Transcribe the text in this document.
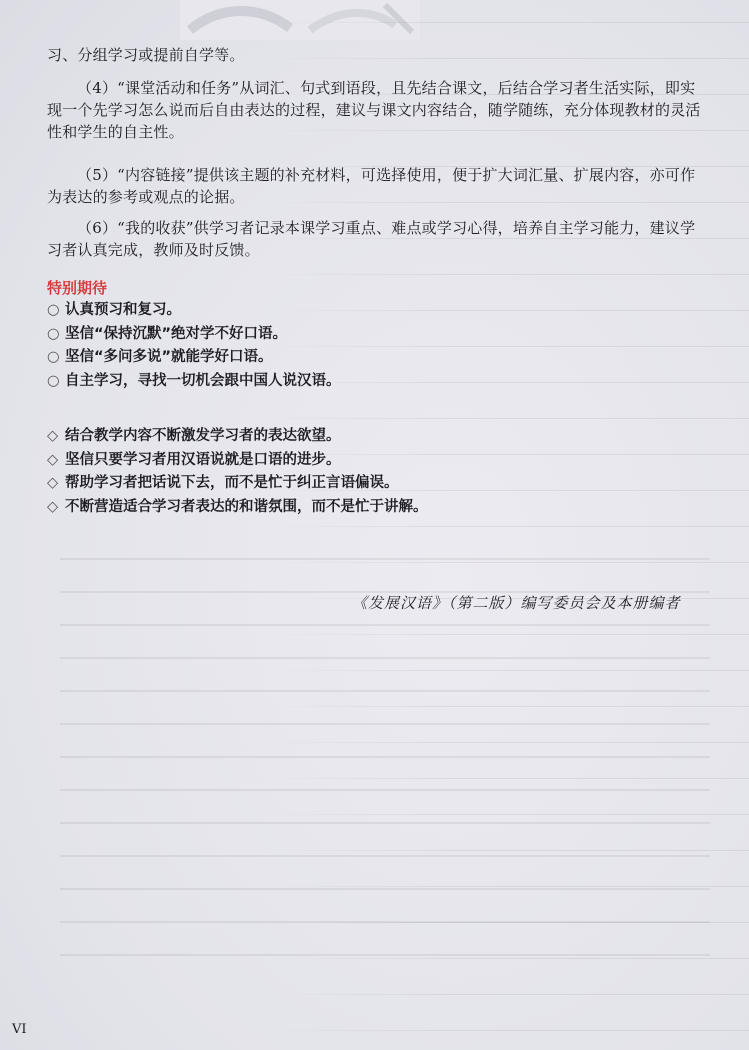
习、分组学习或提前自学等。

（4）“课堂活动和任务”从词汇、句式到语段，且先结合课文，后结合学习者生活实际，即实现一个先学习怎么说而后自由表达的过程，建议与课文内容结合，随学随练，充分体现教材的灵活性和学生的自主性。

（5）“内容链接”提供该主题的补充材料，可选择使用，便于扩大词汇量、扩展内容，亦可作为表达的参考或观点的论据。

（6）“我的收获”供学习者记录本课学习重点、难点或学习心得，培养自主学习能力，建议学习者认真完成，教师及时反馈。

特别期待
○ 认真预习和复习。
○ 坚信“保持沉默”绝对学不好口语。
○ 坚信“多问多说”就能学好口语。
○ 自主学习，寻找一切机会跟中国人说汉语。
◇ 结合教学内容不断激发学习者的表达欲望。
◇ 坚信只要学习者用汉语说就是口语的进步。
◇ 帮助学习者把话说下去，而不是忙于纠正言语偏误。
◇ 不断营造适合学习者表达的和谐氛围，而不是忙于讲解。
《发展汉语》（第二版）编写委员会及本册编者
VI
